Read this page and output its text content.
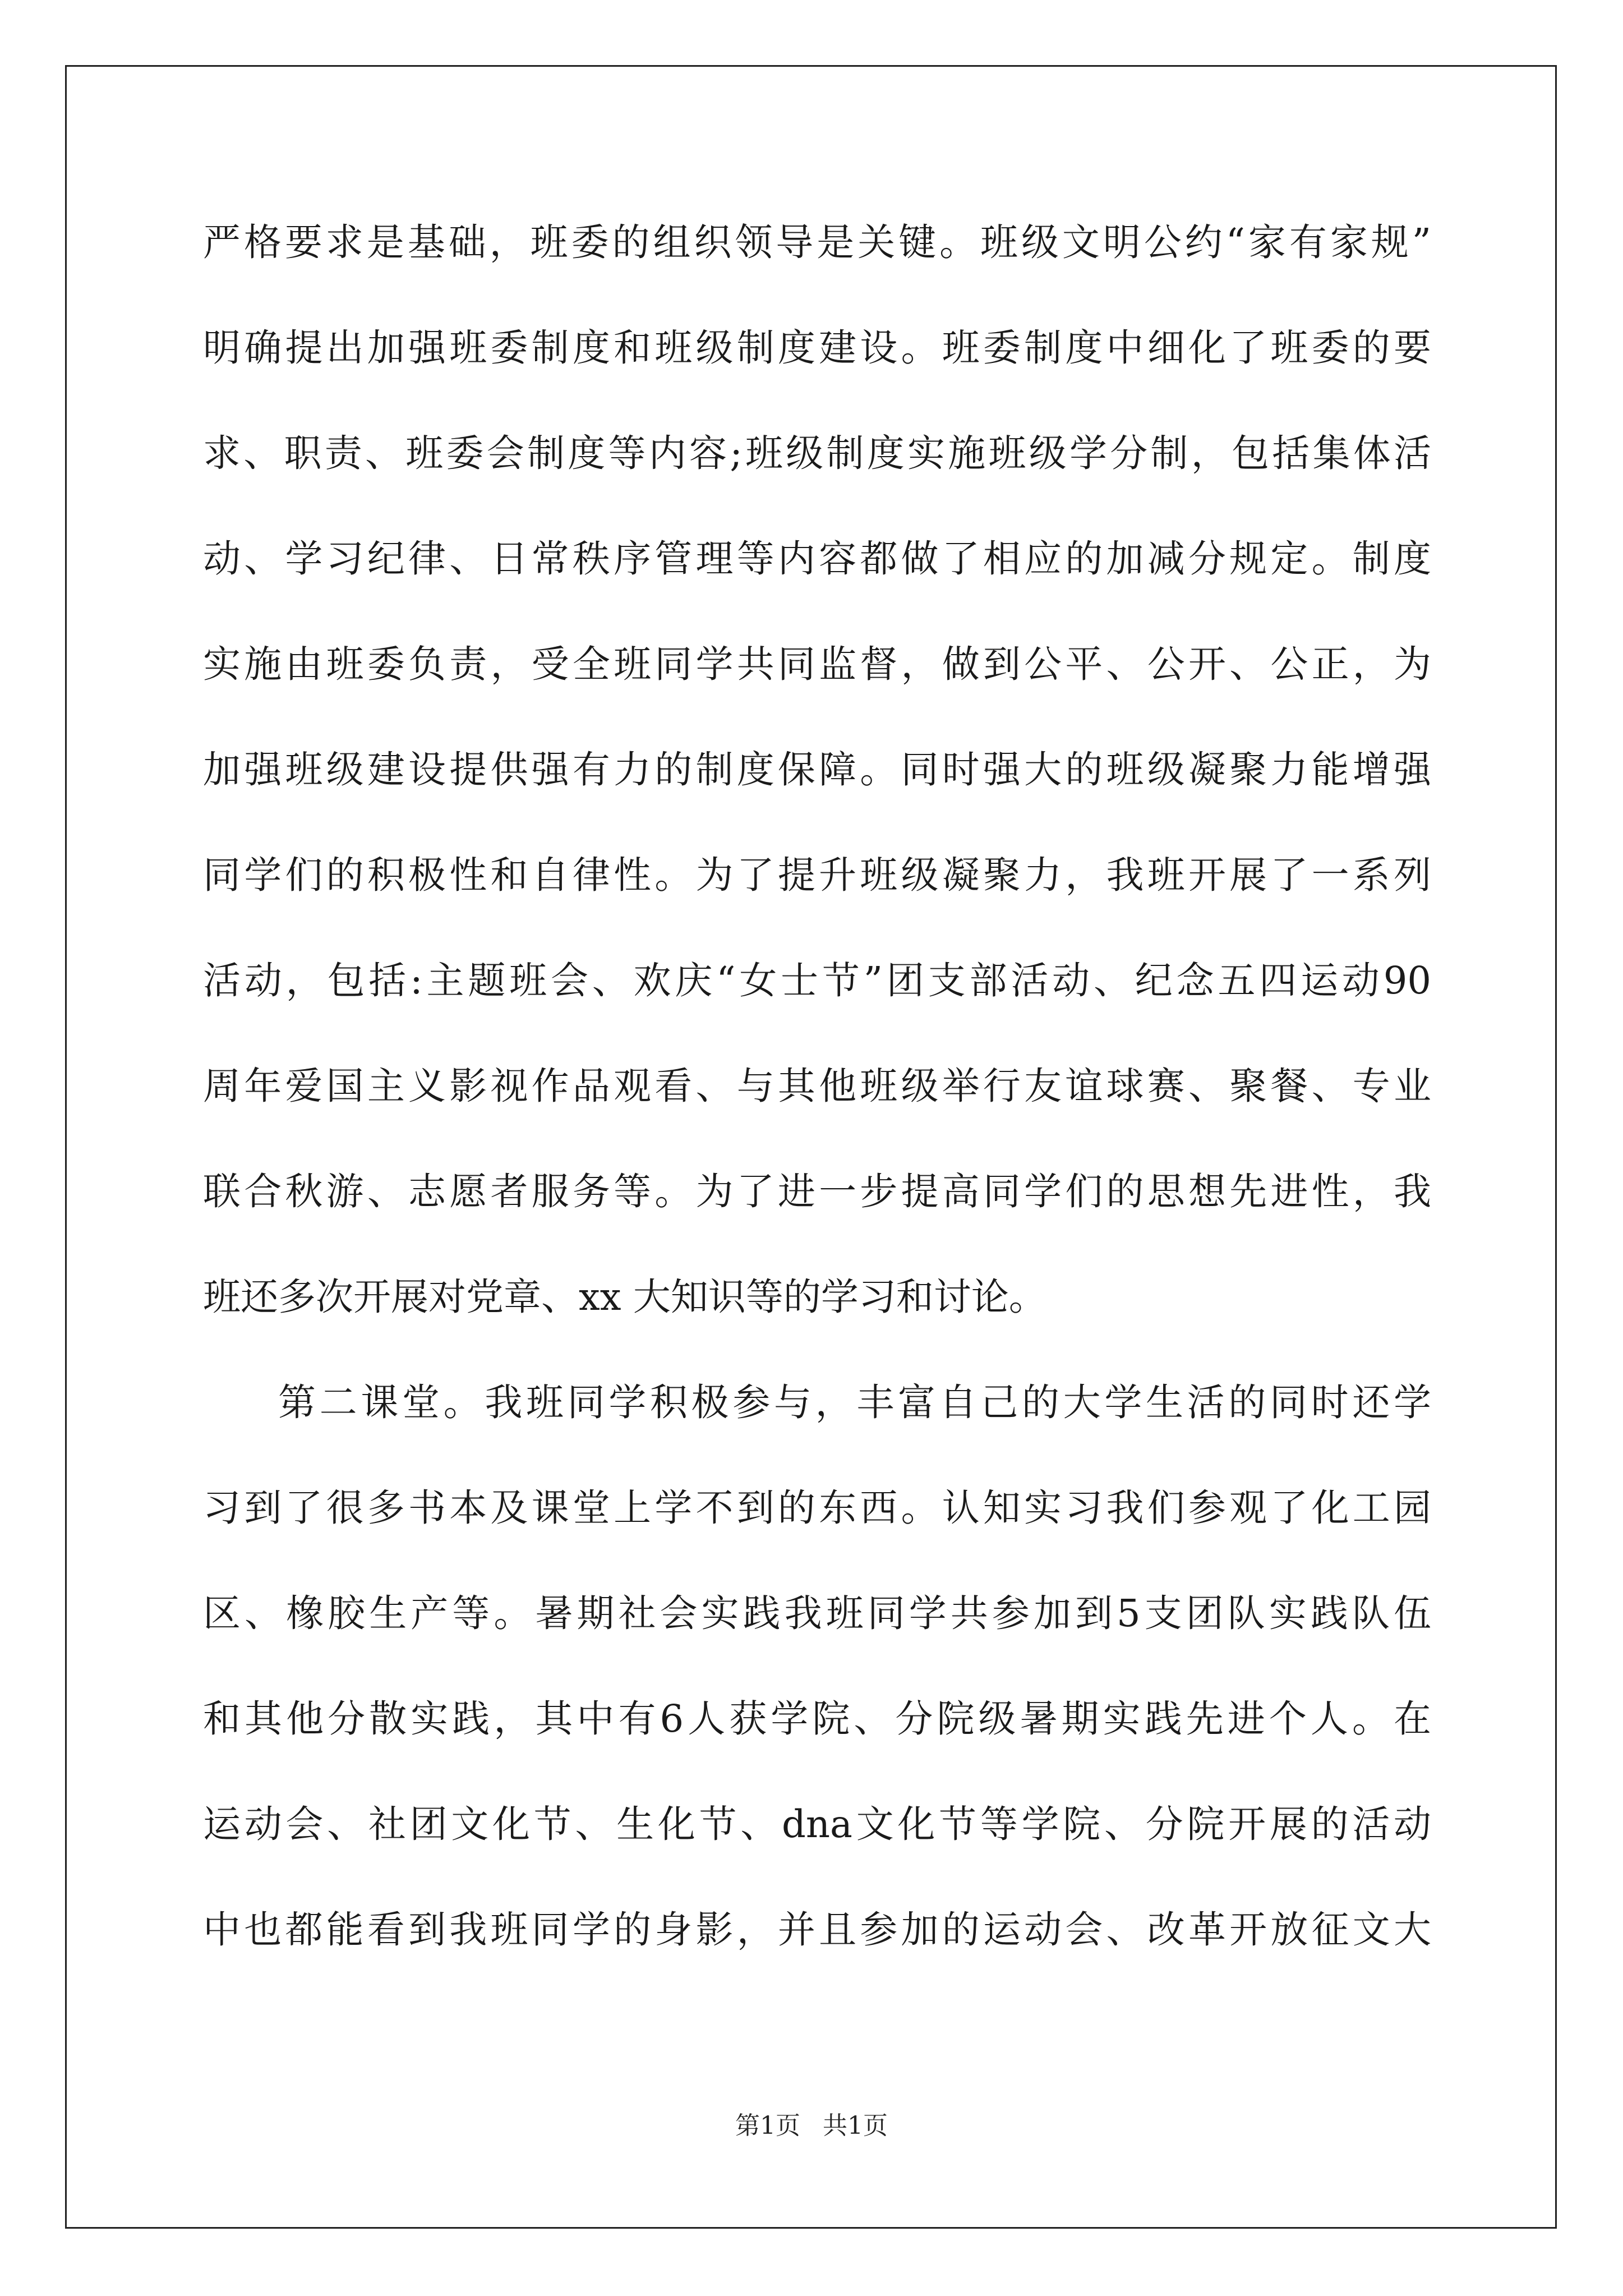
严格要求是基础，班委的组织领导是关键。班级文明公约“家有家规”
明确提出加强班委制度和班级制度建设。班委制度中细化了班委的要
求、职责、班委会制度等内容;班级制度实施班级学分制，包括集体活
动、学习纪律、日常秩序管理等内容都做了相应的加减分规定。制度
实施由班委负责，受全班同学共同监督，做到公平、公开、公正，为
加强班级建设提供强有力的制度保障。同时强大的班级凝聚力能增强
同学们的积极性和自律性。为了提升班级凝聚力，我班开展了一系列
活动，包括:主题班会、欢庆“女士节”团支部活动、纪念五四运动90
周年爱国主义影视作品观看、与其他班级举行友谊球赛、聚餐、专业
联合秋游、志愿者服务等。为了进一步提高同学们的思想先进性，我
班还多次开展对党章、xx 大知识等的学习和讨论。
第二课堂。我班同学积极参与，丰富自己的大学生活的同时还学
习到了很多书本及课堂上学不到的东西。认知实习我们参观了化工园
区、橡胶生产等。暑期社会实践我班同学共参加到5支团队实践队伍
和其他分散实践，其中有6人获学院、分院级暑期实践先进个人。在
运动会、社团文化节、生化节、dna文化节等学院、分院开展的活动
中也都能看到我班同学的身影，并且参加的运动会、改革开放征文大
第1页 共1页
